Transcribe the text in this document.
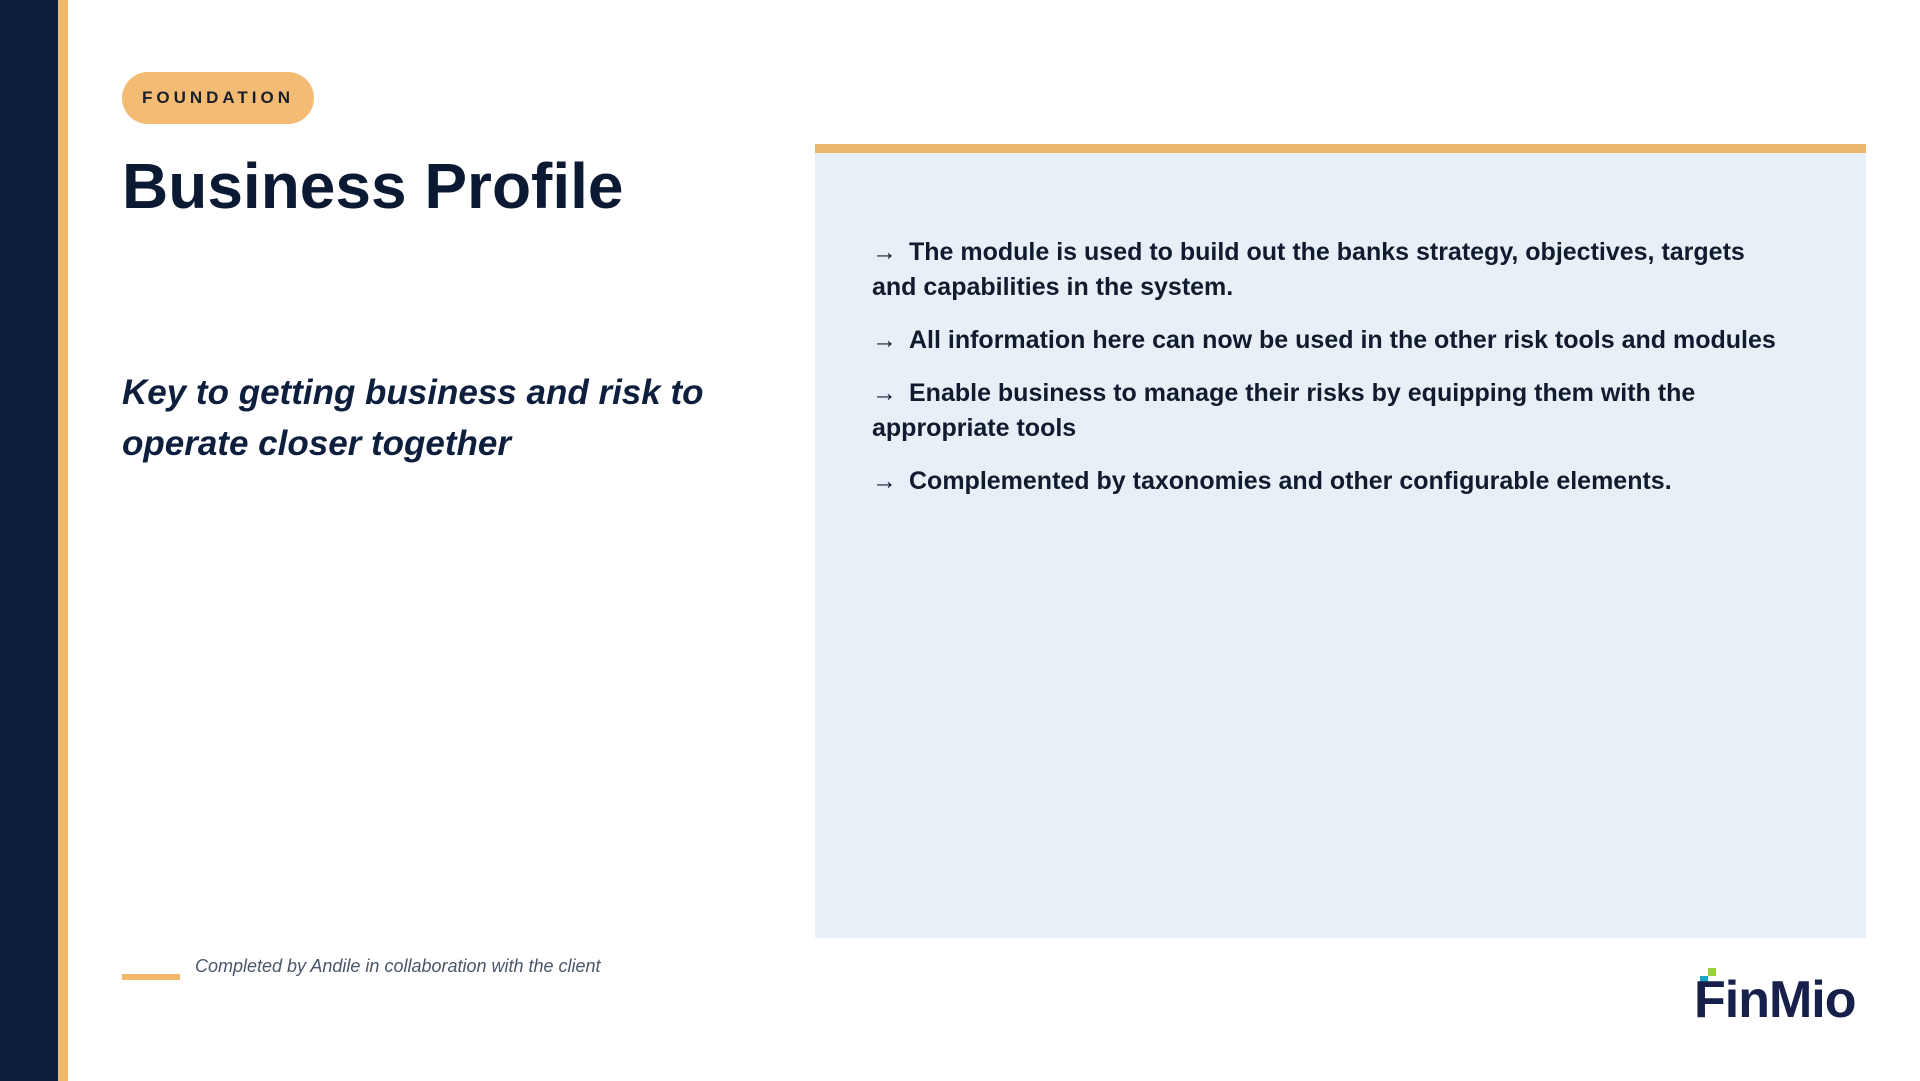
FOUNDATION
Business Profile

Key to getting business and risk to operate closer together

→ The module is used to build out the banks strategy, objectives, targets and capabilities in the system.
→ All information here can now be used in the other risk tools and modules
→ Enable business to manage their risks by equipping them with the appropriate tools
→ Complemented by taxonomies and other configurable elements.
Completed by Andile in collaboration with the client
FinMio
